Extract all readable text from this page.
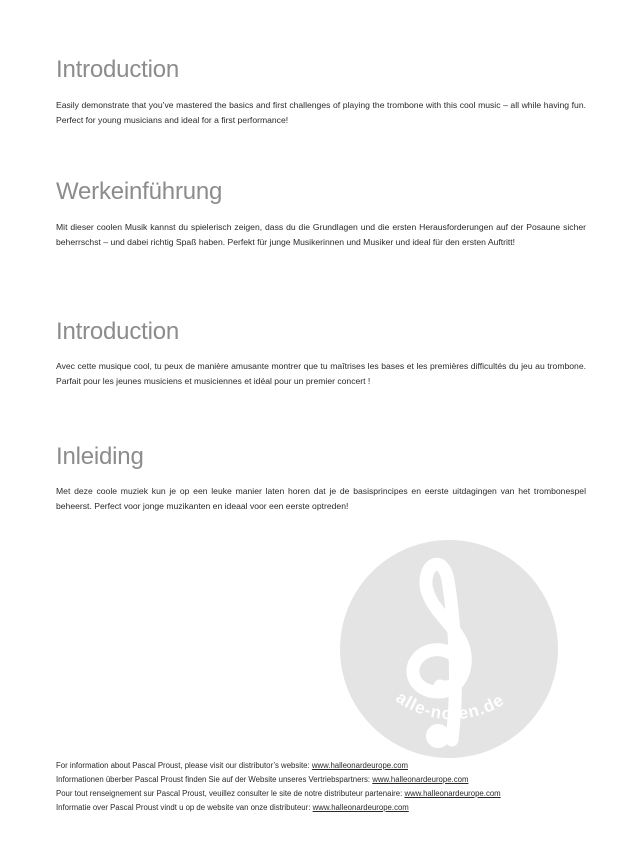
Introduction

Easily demonstrate that you’ve mastered the basics and first challenges of playing the trombone with this cool music – all while having fun. Perfect for young musicians and ideal for a first performance!

Werkeinführung

Mit dieser coolen Musik kannst du spielerisch zeigen, dass du die Grundlagen und die ersten Herausforderungen auf der Posaune sicher beherrschst – und dabei richtig Spaß haben. Perfekt für junge Musikerinnen und Musiker und ideal für den ersten Auftritt!

Introduction

Avec cette musique cool, tu peux de manière amusante montrer que tu maîtrises les bases et les premières difficultés du jeu au trombone. Parfait pour les jeunes musiciens et musiciennes et idéal pour un premier concert !

Inleiding

Met deze coole muziek kun je op een leuke manier laten horen dat je de basisprincipes en eerste uitdagingen van het trombonespel beheerst. Perfect voor jonge muzikanten en ideaal voor een eerste optreden!

alle-noten.de
For information about Pascal Proust, please visit our distributor’s website: www.halleonardeurope.com
Informationen überber Pascal Proust finden Sie auf der Website unseres Vertriebspartners: www.halleonardeurope.com
Pour tout renseignement sur Pascal Proust, veuillez consulter le site de notre distributeur partenaire: www.halleonardeurope.com
Informatie over Pascal Proust vindt u op de website van onze distributeur: www.halleonardeurope.com
